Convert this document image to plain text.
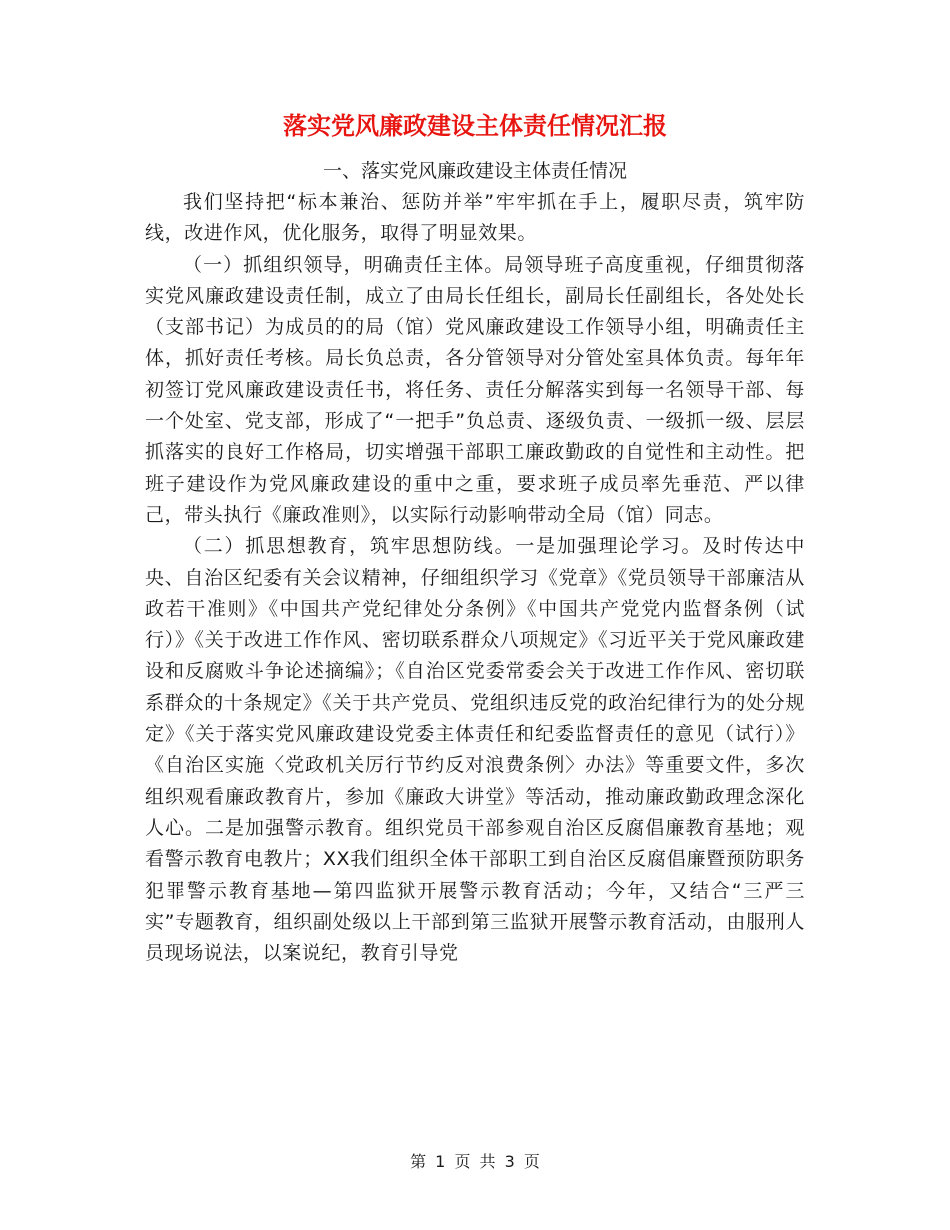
落实党风廉政建设主体责任情况汇报
一、落实党风廉政建设主体责任情况

我们坚持把“标本兼治、惩防并举”牢牢抓在手上，履职尽责，筑牢防线，改进作风，优化服务，取得了明显效果。

（一）抓组织领导，明确责任主体。局领导班子高度重视，仔细贯彻落实党风廉政建设责任制，成立了由局长任组长，副局长任副组长，各处处长（支部书记）为成员的的局（馆）党风廉政建设工作领导小组，明确责任主体，抓好责任考核。局长负总责，各分管领导对分管处室具体负责。每年年初签订党风廉政建设责任书，将任务、责任分解落实到每一名领导干部、每一个处室、党支部，形成了“一把手”负总责、逐级负责、一级抓一级、层层抓落实的良好工作格局，切实增强干部职工廉政勤政的自觉性和主动性。把班子建设作为党风廉政建设的重中之重，要求班子成员率先垂范、严以律己，带头执行《廉政准则》，以实际行动影响带动全局（馆）同志。

（二）抓思想教育，筑牢思想防线。一是加强理论学习。及时传达中央、自治区纪委有关会议精神，仔细组织学习《党章》《党员领导干部廉洁从政若干准则》《中国共产党纪律处分条例》《中国共产党党内监督条例（试行）》《关于改进工作作风、密切联系群众八项规定》《习近平关于党风廉政建设和反腐败斗争论述摘编》；《自治区党委常委会关于改进工作作风、密切联系群众的十条规定》《关于共产党员、党组织违反党的政治纪律行为的处分规定》《关于落实党风廉政建设党委主体责任和纪委监督责任的意见（试行）》《自治区实施〈党政机关厉行节约反对浪费条例〉办法》等重要文件，多次组织观看廉政教育片，参加《廉政大讲堂》等活动，推动廉政勤政理念深化人心。二是加强警示教育。组织党员干部参观自治区反腐倡廉教育基地；观看警示教育电教片；XX我们组织全体干部职工到自治区反腐倡廉暨预防职务犯罪警示教育基地—第四监狱开展警示教育活动；今年，又结合“三严三实”专题教育，组织副处级以上干部到第三监狱开展警示教育活动，由服刑人员现场说法，以案说纪，教育引导党

第 1 页 共 3 页
